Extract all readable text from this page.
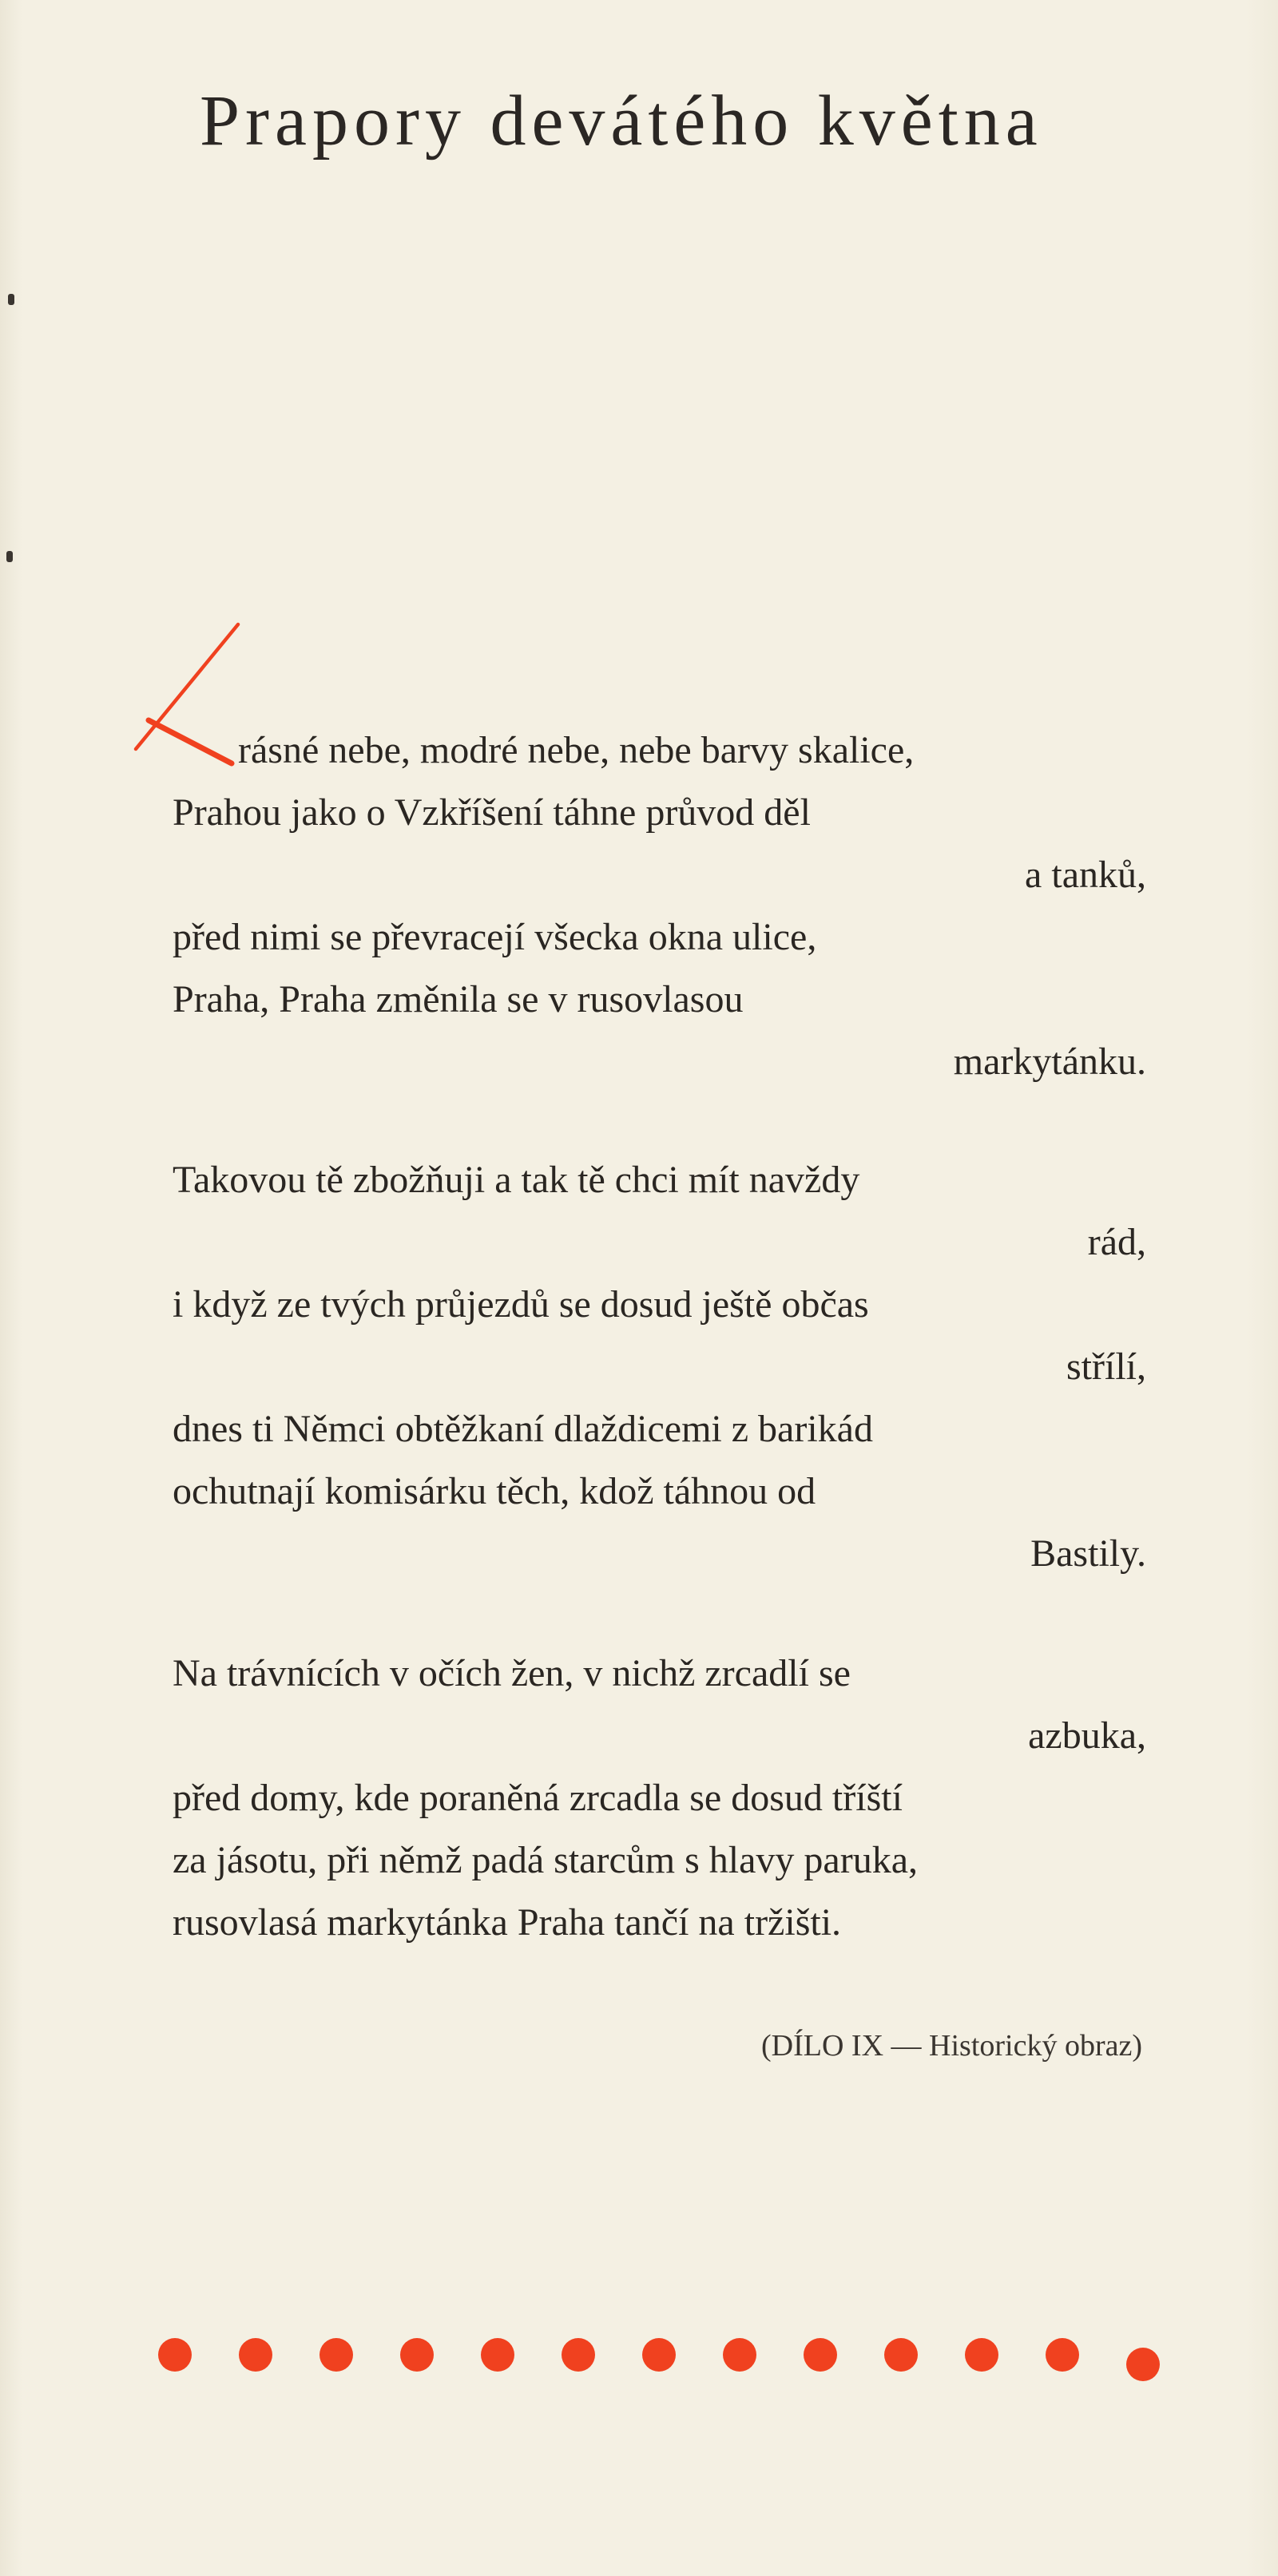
Prapory devátého května
rásné nebe, modré nebe, nebe barvy skalice,
Prahou jako o Vzkříšení táhne průvod děl
a tanků,
před nimi se převracejí všecka okna ulice,
Praha, Praha změnila se v rusovlasou
markytánku.
Takovou tě zbožňuji a tak tě chci mít navždy
rád,
i když ze tvých průjezdů se dosud ještě občas
střílí,
dnes ti Němci obtěžkaní dlaždicemi z barikád
ochutnají komisárku těch, kdož táhnou od
Bastily.
Na trávnících v očích žen, v nichž zrcadlí se
azbuka,
před domy, kde poraněná zrcadla se dosud tříští
za jásotu, při němž padá starcům s hlavy paruka,
rusovlasá markytánka Praha tančí na tržišti.
(DÍLO IX — Historický obraz)
